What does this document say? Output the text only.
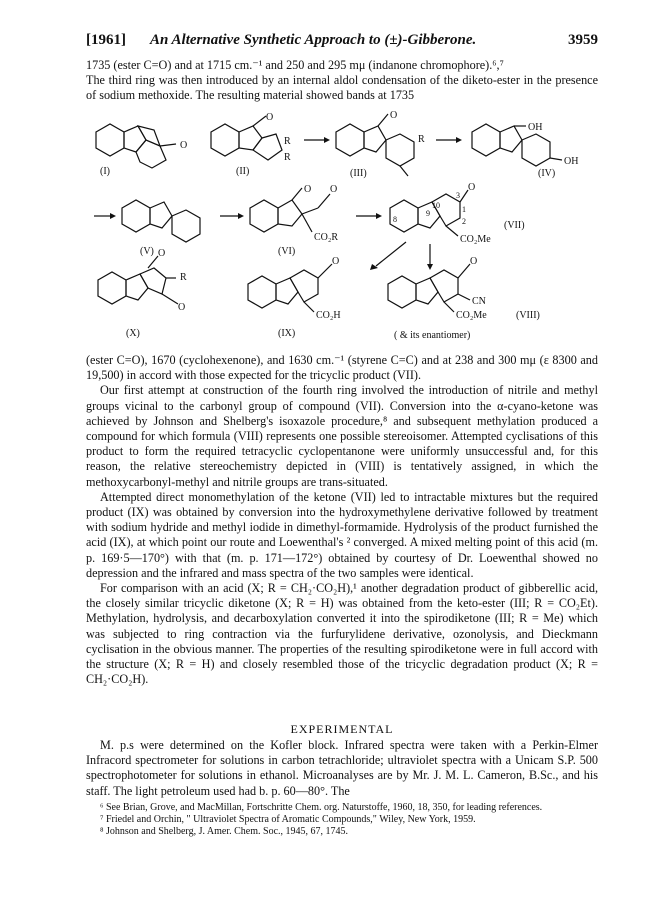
[1961] An Alternative Synthetic Approach to (±)-Gibberone.	3959

1735 (ester C=O) and at 1715 cm.⁻¹ and 250 and 295 mμ (indanone chromophore).⁶,⁷

The third ring was then introduced by an internal aldol condensation of the diketo-ester in the presence of sodium methoxide. The resulting material showed bands at 1735

O
(I)
O
R
R
(II)
O
R
(III)
OH
OH
(IV)
(V)
O O
CO₂R
(VI)
O
CO₂Me
1
2
3
8
9
10
(VII)
O
R
O
(X)
O
CO₂H
(IX)
O
CN
CO₂Me	(VIII)
( & its enantiomer)

(ester C=O), 1670 (cyclohexenone), and 1630 cm.⁻¹ (styrene C=C) and at 238 and 300 mμ (ε 8300 and 19,500) in accord with those expected for the tricyclic product (VII).

Our first attempt at construction of the fourth ring involved the introduction of nitrile and methyl groups vicinal to the carbonyl group of compound (VII). Conversion into the α-cyano-ketone was achieved by Johnson and Shelberg's isoxazole procedure,⁸ and subsequent methylation produced a compound for which formula (VIII) represents one possible stereoisomer. Attempted cyclisations of this product to form the required tetracyclic cyclopentanone were uniformly unsuccessful and, for this reason, the relative stereochemistry depicted in (VIII) is tentatively assigned, in which the methoxycarbonyl-methyl and nitrile groups are trans-situated.

Attempted direct monomethylation of the ketone (VII) led to intractable mixtures but the required product (IX) was obtained by conversion into the hydroxymethylene derivative followed by treatment with sodium hydride and methyl iodide in dimethyl-formamide. Hydrolysis of the product furnished the acid (IX), at which point our route and Loewenthal's ² converged. A mixed melting point of this acid (m. p. 169·5—170°) with that (m. p. 171—172°) obtained by courtesy of Dr. Loewenthal showed no depression and the infrared and mass spectra of the two samples were identical.

For comparison with an acid (X; R = CH₂·CO₂H),¹ another degradation product of gibberellic acid, the closely similar tricyclic diketone (X; R = H) was obtained from the keto-ester (III; R = CO₂Et). Methylation, hydrolysis, and decarboxylation converted it into the spirodiketone (III; R = Me) which was subjected to ring contraction via the furfurylidene derivative, ozonolysis, and Dieckmann cyclisation in the obvious manner. The properties of the resulting spirodiketone were in full accord with the structure (X; R = H) and closely resembled those of the tricyclic degradation product (X; R = CH₂·CO₂H).

EXPERIMENTAL

M. p.s were determined on the Kofler block. Infrared spectra were taken with a Perkin-Elmer Infracord spectrometer for solutions in carbon tetrachloride; ultraviolet spectra with a Unicam S.P. 500 spectrophotometer for solutions in ethanol. Microanalyses are by Mr. J. M. L. Cameron, B.Sc., and his staff. The light petroleum used had b. p. 60—80°. The

⁶ See Brian, Grove, and MacMillan, Fortschritte Chem. org. Naturstoffe, 1960, 18, 350, for leading references.
⁷ Friedel and Orchin, " Ultraviolet Spectra of Aromatic Compounds," Wiley, New York, 1959.
⁸ Johnson and Shelberg, J. Amer. Chem. Soc., 1945, 67, 1745.
